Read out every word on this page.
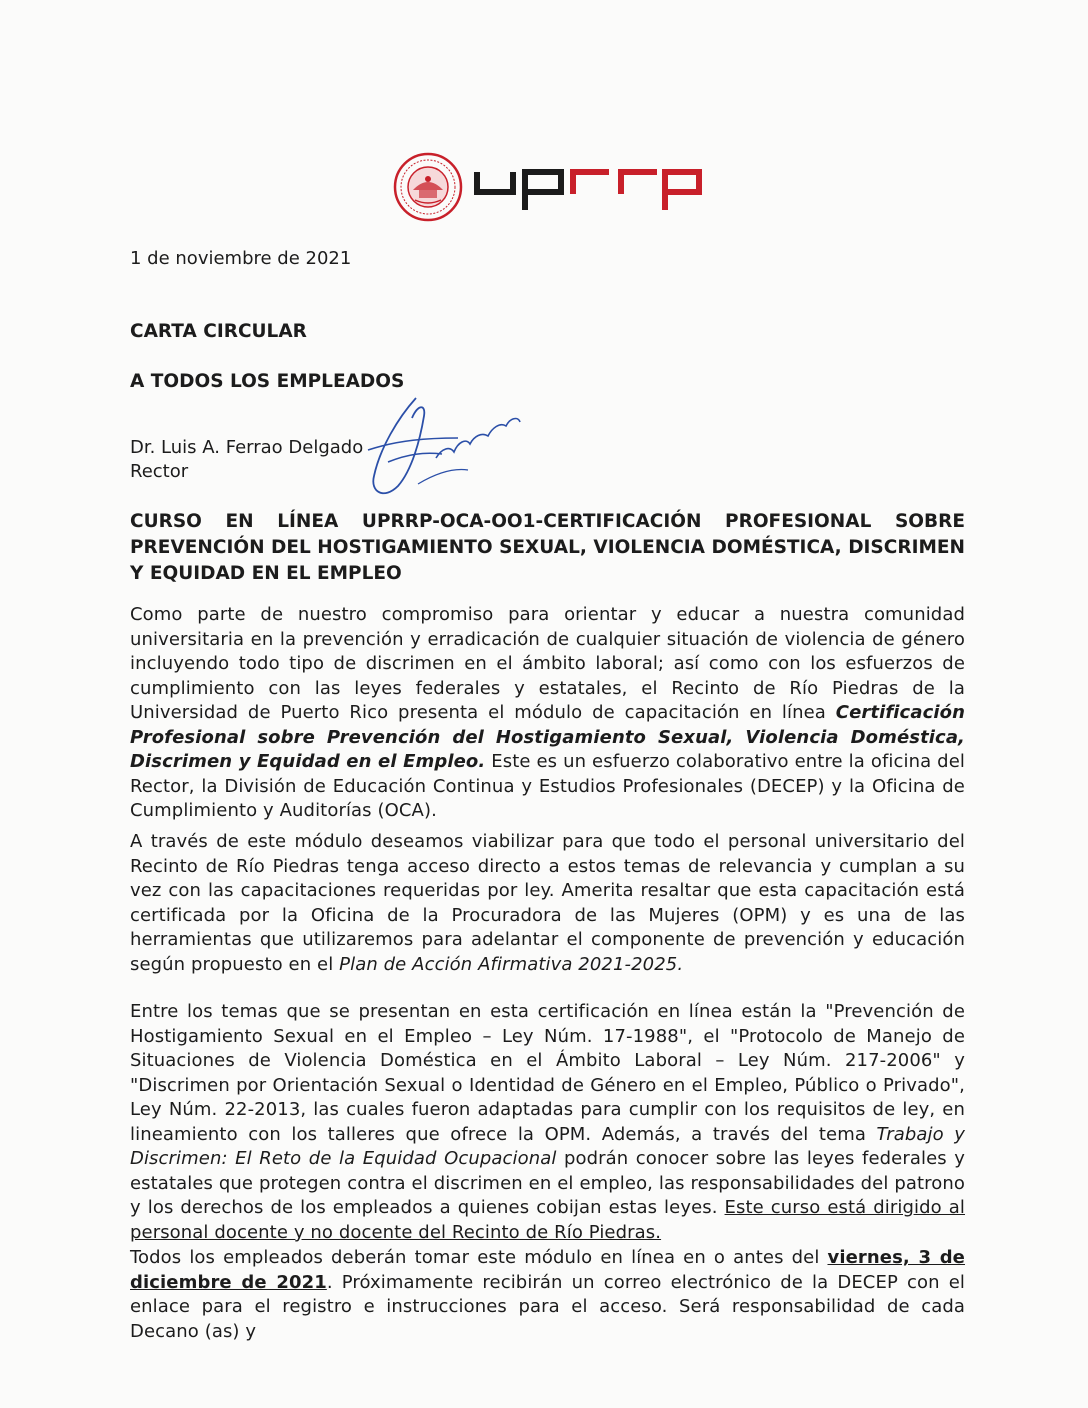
1 de noviembre de 2021
CARTA CIRCULAR
A TODOS LOS EMPLEADOS
Dr. Luis A. Ferrao Delgado
Rector
CURSO EN LÍNEA UPRRP-OCA-OO1-CERTIFICACIÓN PROFESIONAL SOBRE
PREVENCIÓN DEL HOSTIGAMIENTO SEXUAL, VIOLENCIA DOMÉSTICA, DISCRIMEN Y EQUIDAD EN EL EMPLEO
Como parte de nuestro compromiso para orientar y educar a nuestra comunidad universitaria en la prevención y erradicación de cualquier situación de violencia de género incluyendo todo tipo de discrimen en el ámbito laboral; así como con los esfuerzos de cumplimiento con las leyes federales y estatales, el Recinto de Río Piedras de la Universidad de Puerto Rico presenta el módulo de capacitación en línea Certificación Profesional sobre Prevención del Hostigamiento Sexual, Violencia Doméstica, Discrimen y Equidad en el Empleo. Este es un esfuerzo colaborativo entre la oficina del Rector, la División de Educación Continua y Estudios Profesionales (DECEP) y la Oficina de Cumplimiento y Auditorías (OCA).
A través de este módulo deseamos viabilizar para que todo el personal universitario del Recinto de Río Piedras tenga acceso directo a estos temas de relevancia y cumplan a su vez con las capacitaciones requeridas por ley. Amerita resaltar que esta capacitación está certificada por la Oficina de la Procuradora de las Mujeres (OPM) y es una de las herramientas que utilizaremos para adelantar el componente de prevención y educación según propuesto en el Plan de Acción Afirmativa 2021-2025.
Entre los temas que se presentan en esta certificación en línea están la "Prevención de Hostigamiento Sexual en el Empleo – Ley Núm. 17-1988", el "Protocolo de Manejo de Situaciones de Violencia Doméstica en el Ámbito Laboral – Ley Núm. 217-2006" y "Discrimen por Orientación Sexual o Identidad de Género en el Empleo, Público o Privado", Ley Núm. 22-2013, las cuales fueron adaptadas para cumplir con los requisitos de ley, en lineamiento con los talleres que ofrece la OPM. Además, a través del tema Trabajo y Discrimen: El Reto de la Equidad Ocupacional podrán conocer sobre las leyes federales y estatales que protegen contra el discrimen en el empleo, las responsabilidades del patrono y los derechos de los empleados a quienes cobijan estas leyes. Este curso está dirigido al personal docente y no docente del Recinto de Río Piedras.
Todos los empleados deberán tomar este módulo en línea en o antes del viernes, 3 de diciembre de 2021. Próximamente recibirán un correo electrónico de la DECEP con el enlace para el registro e instrucciones para el acceso. Será responsabilidad de cada Decano (as) y
